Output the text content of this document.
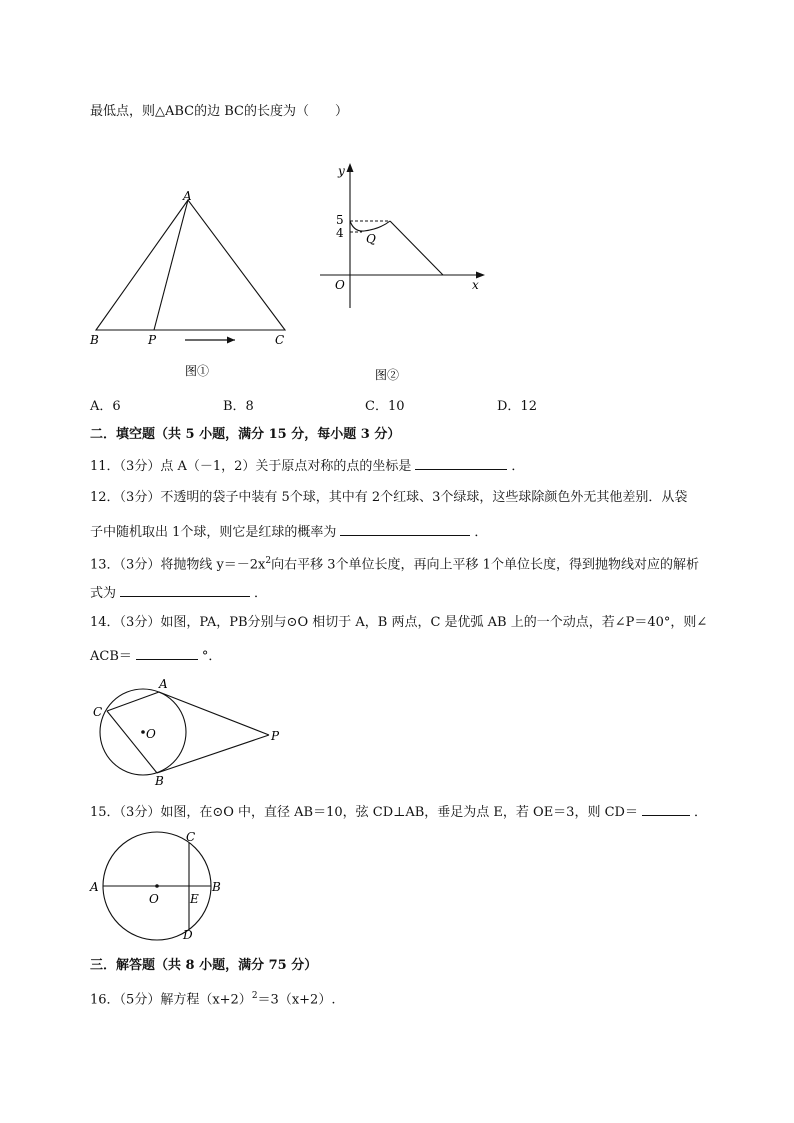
最低点，则△ABC的边 BC的长度为（　　）
A
B	P	C
图①
y
5
4 Q
O	x
图②
A．6	B．8	C．10	D．12
二．填空题（共 5 小题，满分 15 分，每小题 3 分）
11．（3分）点 A（－1，2）关于原点对称的点的坐标是	．
12．（3分）不透明的袋子中装有 5个球，其中有 2个红球、3个绿球，这些球除颜色外无其他差别．从袋
子中随机取出 1个球，则它是红球的概率为	．
13．（3分）将抛物线 $y=-2x^2$向右平移 3个单位长度，再向上平移 1个单位长度，得到抛物线对应的解析
式为	．
14．（3分）如图，PA，PB分别与⊙O 相切于 A，B 两点，C 是优弧 AB 上的一个动点，若∠P＝40°，则∠
ACB＝	°．
A
C
O	P
B
15．（3分）如图，在⊙O 中，直径 AB＝10，弦 CD⊥AB，垂足为点 E，若 OE＝3，则 CD＝	．
A	B
C
D
E
O
三．解答题（共 8 小题，满分 75 分）
16．（5分）解方程$(x+2)^2=3(x+2)$.
